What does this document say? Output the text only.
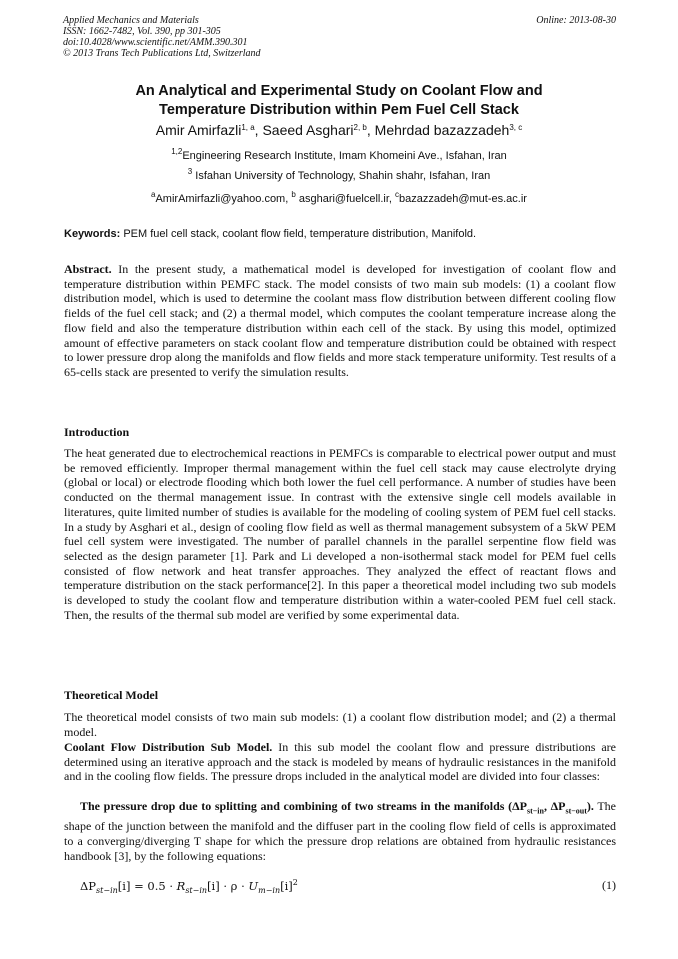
Applied Mechanics and Materials
ISSN: 1662-7482, Vol. 390, pp 301-305
doi:10.4028/www.scientific.net/AMM.390.301
© 2013 Trans Tech Publications Ltd, Switzerland
Online: 2013-08-30
An Analytical and Experimental Study on Coolant Flow and
Temperature Distribution within Pem Fuel Cell Stack
Amir Amirfazli$^{1, a}$, Saeed Asghari$^{2, b}$, Mehrdad bazazzadeh$^{3, c}$
$^{1,2}$Engineering Research Institute, Imam Khomeini Ave., Isfahan, Iran
$^3$ Isfahan University of Technology, Shahin shahr, Isfahan, Iran
$^a$AmirAmirfazli@yahoo.com, $^b$ asghari@fuelcell.ir, $^c$bazazzadeh@mut-es.ac.ir
Keywords: PEM fuel cell stack, coolant flow field, temperature distribution, Manifold.
Abstract. In the present study, a mathematical model is developed for investigation of coolant flow and temperature distribution within PEMFC stack. The model consists of two main sub models: (1) a coolant flow distribution model, which is used to determine the coolant mass flow distribution between different cooling flow fields of the fuel cell stack; and (2) a thermal model, which computes the coolant temperature increase along the flow field and also the temperature distribution within each cell of the stack. By using this model, optimized amount of effective parameters on stack coolant flow and temperature distribution could be obtained with respect to lower pressure drop along the manifolds and flow fields and more stack temperature uniformity. Test results of a 65-cells stack are presented to verify the simulation results.
Introduction
The heat generated due to electrochemical reactions in PEMFCs is comparable to electrical power output and must be removed efficiently. Improper thermal management within the fuel cell stack may cause electrolyte drying (global or local) or electrode flooding which both lower the fuel cell performance. A number of studies have been conducted on the thermal management issue. In contrast with the extensive single cell models available in literatures, quite limited number of studies is available for the modeling of cooling system of PEM fuel cell stacks. In a study by Asghari et al., design of cooling flow field as well as thermal management subsystem of a 5kW PEM fuel cell system were investigated. The number of parallel channels in the parallel serpentine flow field was selected as the design parameter [1]. Park and Li developed a non-isothermal stack model for PEM fuel cells consisted of flow network and heat transfer approaches. They analyzed the effect of reactant flows and temperature distribution on the stack performance[2]. In this paper a theoretical model including two sub models is developed to study the coolant flow and temperature distribution within a water-cooled PEM fuel cell stack. Then, the results of the thermal sub model are verified by some experimental data.
Theoretical Model
The theoretical model consists of two main sub models: (1) a coolant flow distribution model; and (2) a thermal model.
Coolant Flow Distribution Sub Model. In this sub model the coolant flow and pressure distributions are determined using an iterative approach and the stack is modeled by means of hydraulic resistances in the manifold and in the cooling flow fields. The pressure drops included in the analytical model are divided into four classes:
The pressure drop due to splitting and combining of two streams in the manifolds ($\Delta P_{st-in}$, $\Delta P_{st-out}$). The shape of the junction between the manifold and the diffuser part in the cooling flow field of cells is approximated to a converging/diverging T shape for which the pressure drop relations are obtained from hydraulic resistances handbook [3], by the following equations:
$\Delta P_{st-in}[i] = 0.5 \cdot R_{st-in}[i] \cdot \rho \cdot U_{m-in}[i]^2$	(1)
